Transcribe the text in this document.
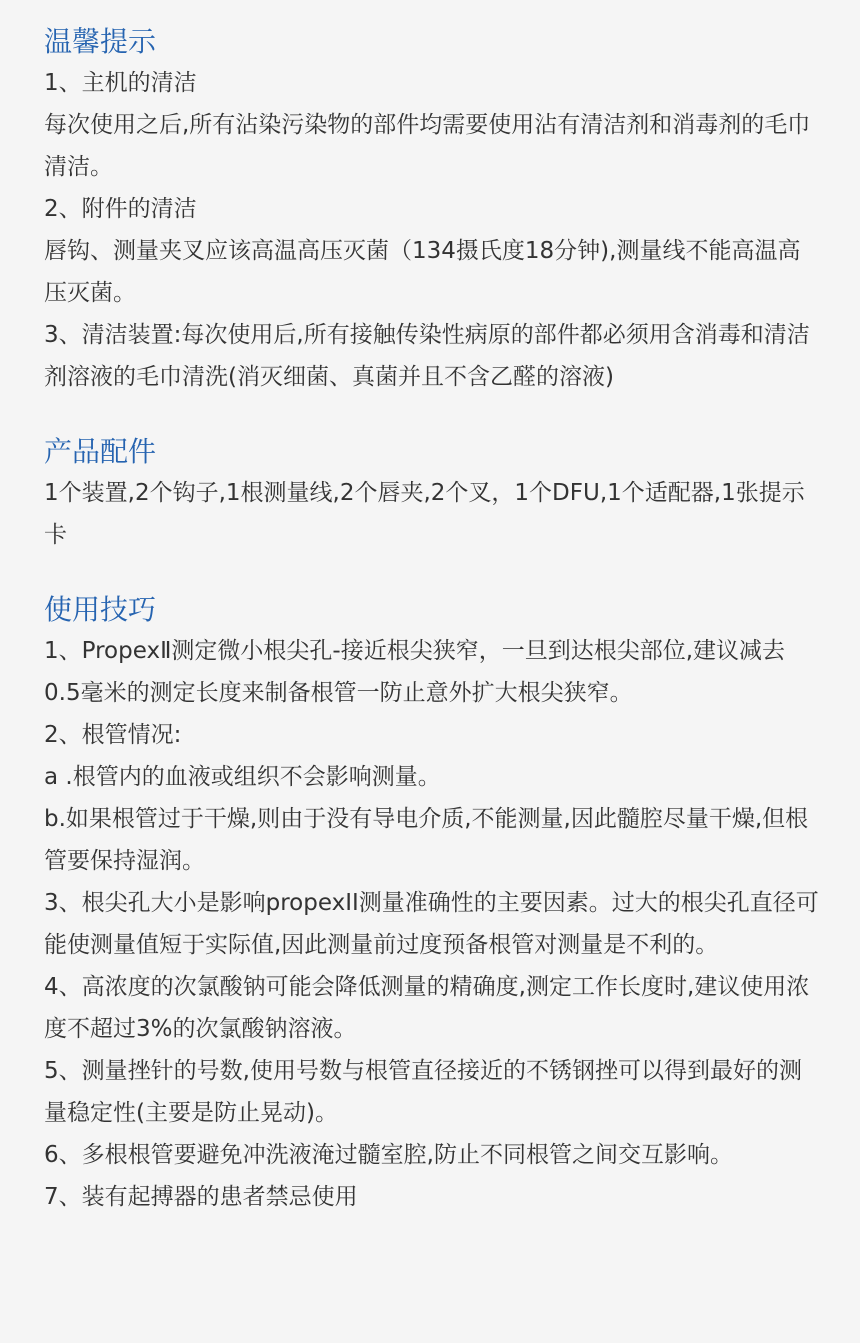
温馨提示

1、主机的清洁

每次使用之后,所有沾染污染物的部件均需要使用沾有清洁剂和消毒剂的毛巾清洁。

2、附件的清洁

唇钩、测量夹叉应该高温高压灭菌（134摄氏度18分钟),测量线不能高温高压灭菌。

3、清洁装置:每次使用后,所有接触传染性病原的部件都必须用含消毒和清洁剂溶液的毛巾清洗(消灭细菌、真菌并且不含乙醛的溶液)

产品配件

1个装置,2个钩子,1根测量线,2个唇夹,2个叉，1个DFU,1个适配器,1张提示卡

使用技巧

1、PropexⅡ测定微小根尖孔-接近根尖狭窄，一旦到达根尖部位,建议减去0.5毫米的测定长度来制备根管一防止意外扩大根尖狭窄。

2、根管情况:

a .根管内的血液或组织不会影响测量。

b.如果根管过于干燥,则由于没有导电介质,不能测量,因此髓腔尽量干燥,但根管要保持湿润。

3、根尖孔大小是影响propexII测量准确性的主要因素。过大的根尖孔直径可能使测量值短于实际值,因此测量前过度预备根管对测量是不利的。

4、高浓度的次氯酸钠可能会降低测量的精确度,测定工作长度时,建议使用浓度不超过3%的次氯酸钠溶液。

5、测量挫针的号数,使用号数与根管直径接近的不锈钢挫可以得到最好的测量稳定性(主要是防止晃动)。

6、多根根管要避免冲洗液淹过髓室腔,防止不同根管之间交互影响。

7、装有起搏器的患者禁忌使用
